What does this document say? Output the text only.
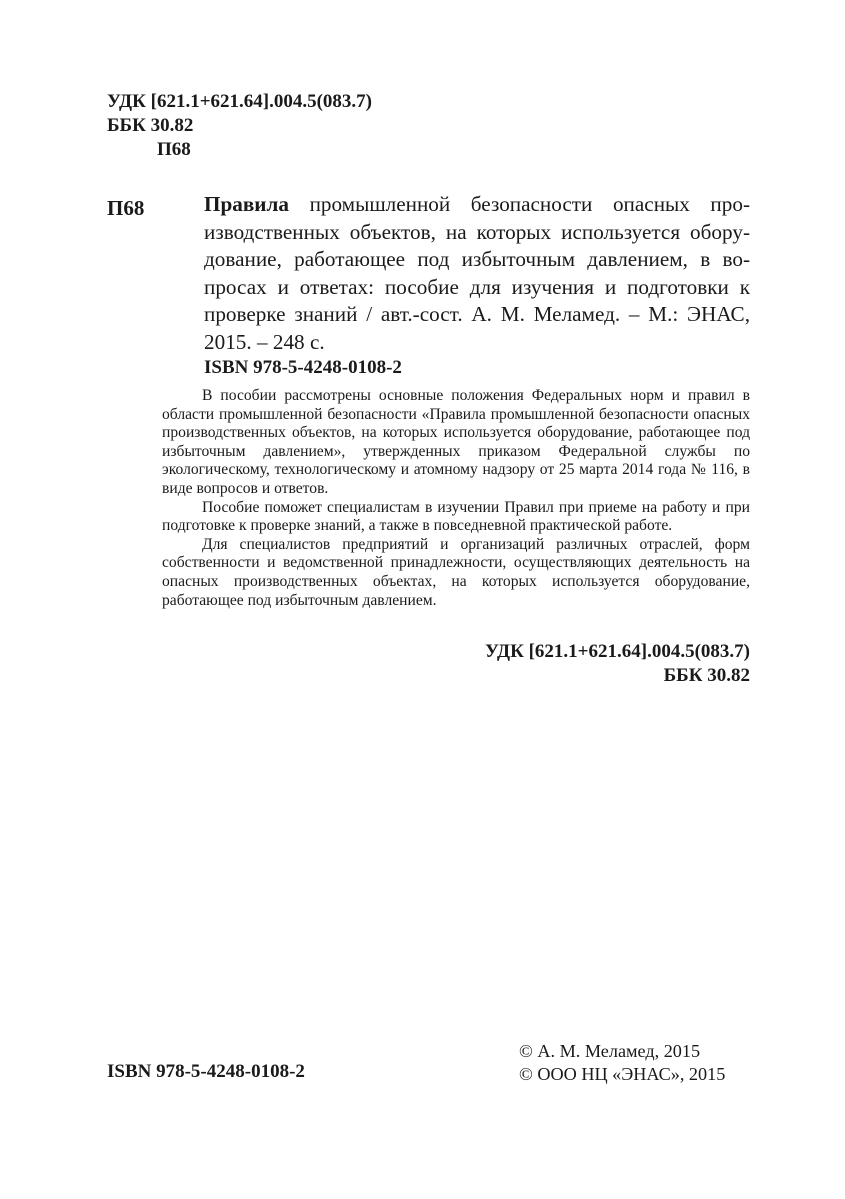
УДК [621.1+621.64].004.5(083.7)
ББК 30.82
П68
П68	Правила промышленной безопасности опасных производственных объектов, на которых используется оборудование, работающее под избыточным давлением, в вопросах и ответах: пособие для изучения и подготовки к проверке знаний / авт.-сост. А. М. Меламед. – М.: ЭНАС, 2015. – 248 с.
ISBN 978-5-4248-0108-2

В пособии рассмотрены основные положения Федеральных норм и правил в области промышленной безопасности «Правила промышленной безопасности опасных производственных объектов, на которых используется оборудование, работающее под избыточным давлением», утвержденных приказом Федеральной службы по экологическому, технологическому и атомному надзору от 25 марта 2014 года № 116, в виде вопросов и ответов.

Пособие поможет специалистам в изучении Правил при приеме на работу и при подготовке к проверке знаний, а также в повседневной практической работе.

Для специалистов предприятий и организаций различных отраслей, форм собственности и ведомственной принадлежности, осуществляющих деятельность на опасных производственных объектах, на которых используется оборудование, работающее под избыточным давлением.

УДК [621.1+621.64].004.5(083.7)
ББК 30.82
ISBN 978-5-4248-0108-2
© А. М. Меламед, 2015
© ООО НЦ «ЭНАС», 2015
